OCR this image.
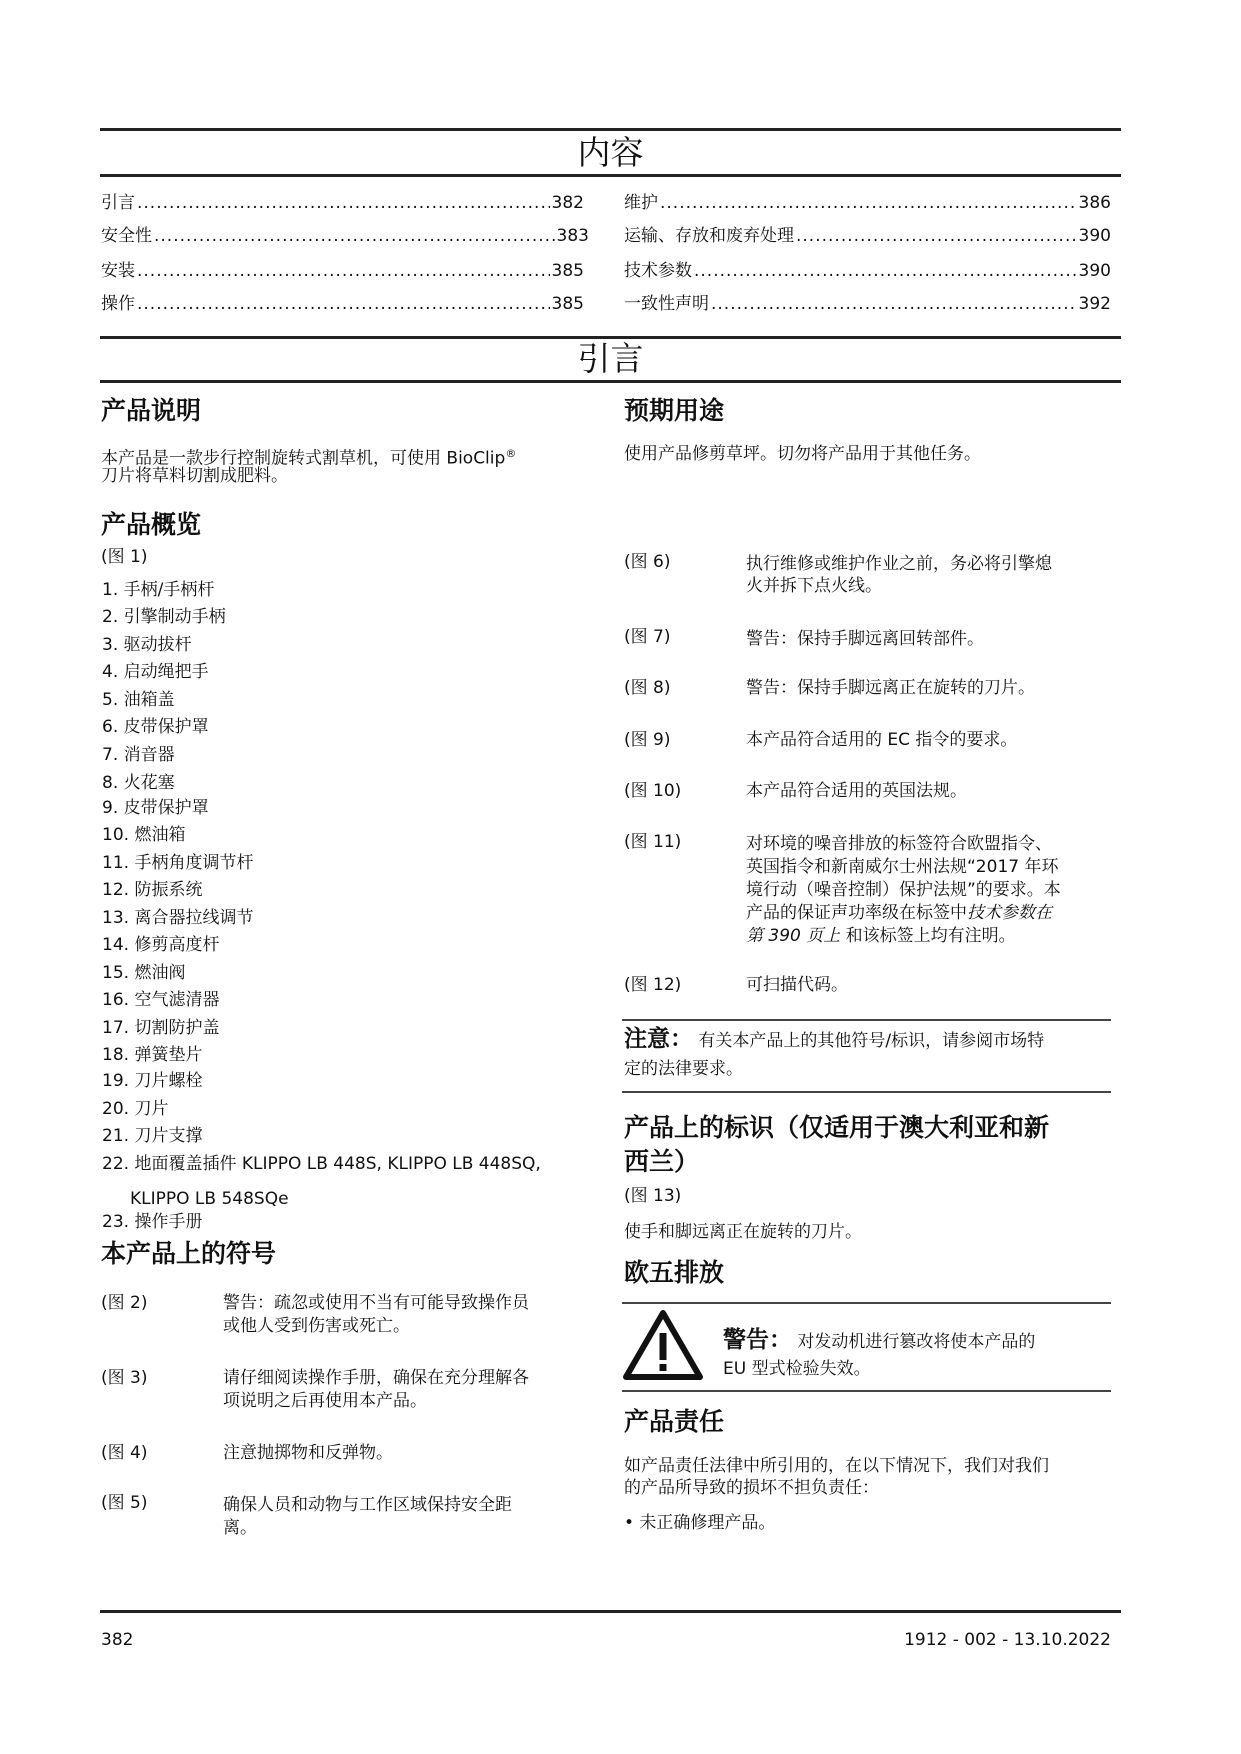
内容
引言 .....	382
安全性 .....	383
安装 .....	385
操作 .....	385
维护 .....	386
运输、存放和废弃处理 .....	390
技术参数 .....	390
一致性声明 .....	392
引言
产品说明
本产品是一款步行控制旋转式割草机，可使用 BioClip®
刀片将草料切割成肥料。
产品概览
(图 1)
1. 手柄/手柄杆
2. 引擎制动手柄
3. 驱动拔杆
4. 启动绳把手
5. 油箱盖
6. 皮带保护罩
7. 消音器
8. 火花塞
9. 皮带保护罩
10. 燃油箱
11. 手柄角度调节杆
12. 防振系统
13. 离合器拉线调节
14. 修剪高度杆
15. 燃油阀
16. 空气滤清器
17. 切割防护盖
18. 弹簧垫片
19. 刀片螺栓
20. 刀片
21. 刀片支撑
22. 地面覆盖插件 KLIPPO LB 448S, KLIPPO LB 448SQ,
23. 操作手册
KLIPPO LB 548SQe
本产品上的符号
(图 2)	警告：疏忽或使用不当有可能导致操作员
或他人受到伤害或死亡。
(图 3)	请仔细阅读操作手册，确保在充分理解各
项说明之后再使用本产品。
(图 4)	注意抛掷物和反弹物。
(图 5)	确保人员和动物与工作区域保持安全距
离。
预期用途
使用产品修剪草坪。切勿将产品用于其他任务。
(图 6)	执行维修或维护作业之前，务必将引擎熄
火并拆下点火线。
(图 7)	警告：保持手脚远离回转部件。
(图 8)	警告：保持手脚远离正在旋转的刀片。
(图 9)	本产品符合适用的 EC 指令的要求。
(图 10)	本产品符合适用的英国法规。
(图 11)	对环境的噪音排放的标签符合欧盟指令、
英国指令和新南威尔士州法规“2017 年环
境行动（噪音控制）保护法规”的要求。本
产品的保证声功率级在标签中技术参数在
第 390 页上 和该标签上均有注明。
(图 12)	可扫描代码。
注意： 有关本产品上的其他符号/标识，请参阅市场特
定的法律要求。
产品上的标识（仅适用于澳大利亚和新
西兰）
(图 13)
使手和脚远离正在旋转的刀片。
欧五排放
警告： 对发动机进行篡改将使本产品的
EU 型式检验失效。
产品责任
如产品责任法律中所引用的，在以下情况下，我们对我们
的产品所导致的损坏不担负责任：
• 未正确修理产品。
382	1912 - 002 - 13.10.2022
